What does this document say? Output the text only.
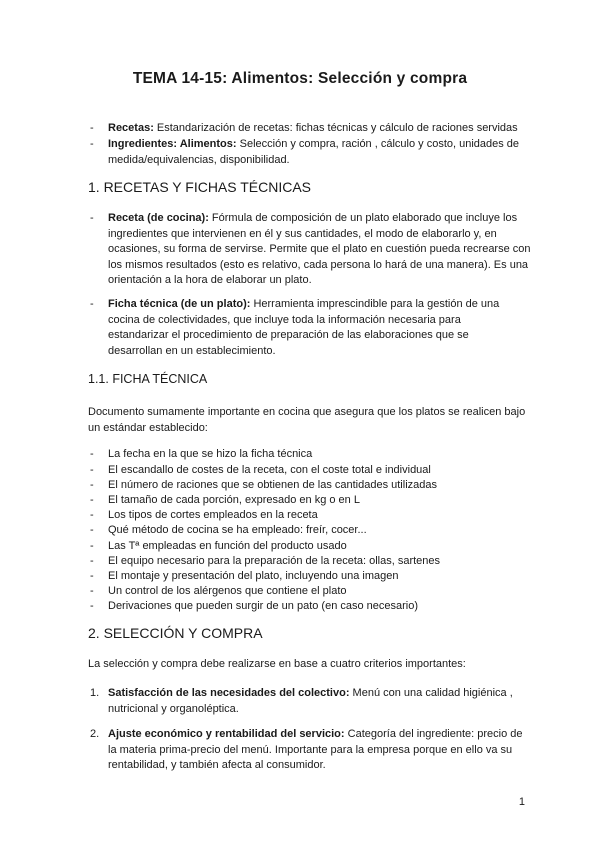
TEMA 14-15: Alimentos: Selección y compra
- Recetas: Estandarización de recetas: fichas técnicas y cálculo de raciones servidas
- Ingredientes: Alimentos: Selección y compra, ración , cálculo y costo, unidades de medida/equivalencias, disponibilidad.
1. RECETAS Y FICHAS TÉCNICAS
- Receta (de cocina): Fórmula de composición de un plato elaborado que incluye los ingredientes que intervienen en él y sus cantidades, el modo de elaborarlo y, en ocasiones, su forma de servirse. Permite que el plato en cuestión pueda recrearse con los mismos resultados (esto es relativo, cada persona lo hará de una manera). Es una orientación a la hora de elaborar un plato.
- Ficha técnica (de un plato): Herramienta imprescindible para la gestión de una cocina de colectividades, que incluye toda la información necesaria para estandarizar el procedimiento de preparación de las elaboraciones que se desarrollan en un establecimiento.
1.1. FICHA TÉCNICA

Documento sumamente importante en cocina que asegura que los platos se realicen bajo un estándar establecido:

- La fecha en la que se hizo la ficha técnica
- El escandallo de costes de la receta, con el coste total e individual
- El número de raciones que se obtienen de las cantidades utilizadas
- El tamaño de cada porción, expresado en kg o en L
- Los tipos de cortes empleados en la receta
- Qué método de cocina se ha empleado: freír, cocer...
- Las Tª empleadas en función del producto usado
- El equipo necesario para la preparación de la receta: ollas, sartenes
- El montaje y presentación del plato, incluyendo una imagen
- Un control de los alérgenos que contiene el plato
- Derivaciones que pueden surgir de un pato (en caso necesario)
2. SELECCIÓN Y COMPRA

La selección y compra debe realizarse en base a cuatro criterios importantes:

1. Satisfacción de las necesidades del colectivo: Menú con una calidad higiénica , nutricional y organoléptica.
2. Ajuste económico y rentabilidad del servicio: Categoría del ingrediente: precio de la materia prima-precio del menú. Importante para la empresa porque en ello va su rentabilidad, y también afecta al consumidor.
1
